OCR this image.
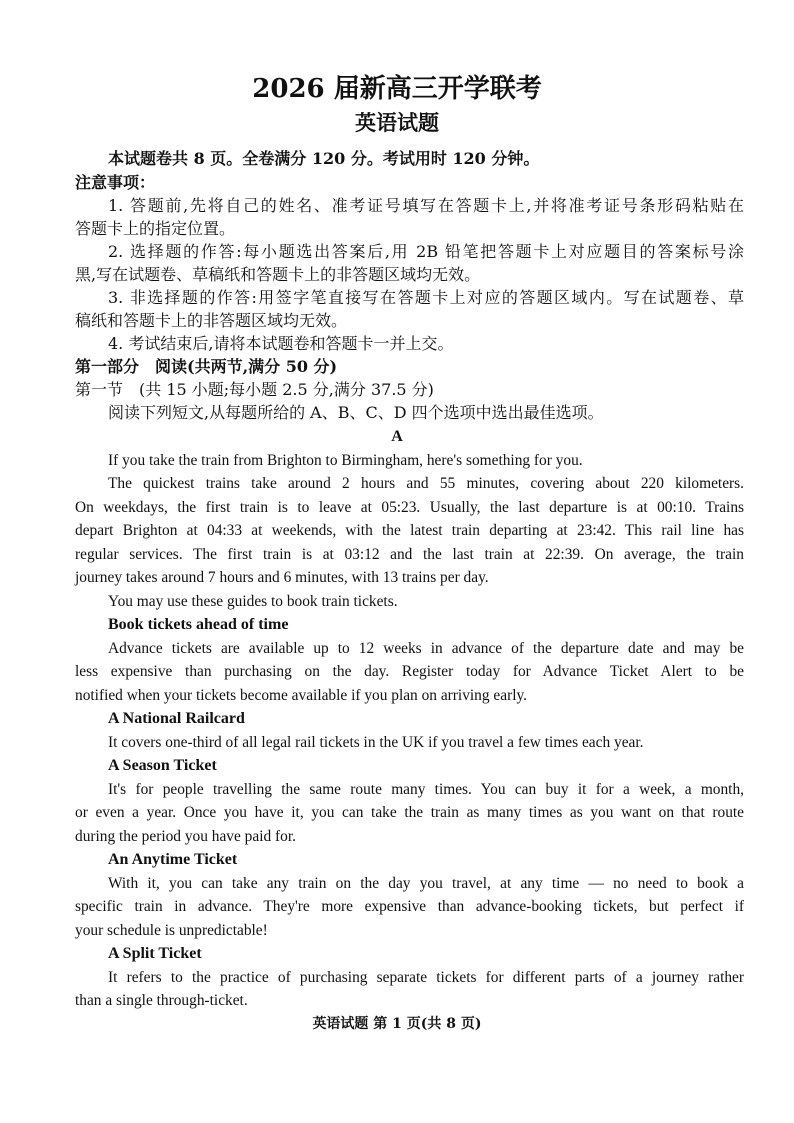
2026 届新高三开学联考
英语试题
本试题卷共 8 页。全卷满分 120 分。考试用时 120 分钟。
注意事项：
1. 答题前,先将自己的姓名、准考证号填写在答题卡上,并将准考证号条形码粘贴在
答题卡上的指定位置。
2. 选择题的作答:每小题选出答案后,用 2B 铅笔把答题卡上对应题目的答案标号涂
黑,写在试题卷、草稿纸和答题卡上的非答题区域均无效。
3. 非选择题的作答:用签字笔直接写在答题卡上对应的答题区域内。写在试题卷、草
稿纸和答题卡上的非答题区域均无效。
4. 考试结束后,请将本试题卷和答题卡一并上交。
第一部分　阅读(共两节,满分 50 分)
第一节　(共 15 小题;每小题 2.5 分,满分 37.5 分)
阅读下列短文,从每题所给的 A、B、C、D 四个选项中选出最佳选项。
A
If you take the train from Brighton to Birmingham, here's something for you.
The quickest trains take around 2 hours and 55 minutes, covering about 220 kilometers.
On weekdays, the first train is to leave at 05:23. Usually, the last departure is at 00:10. Trains
depart Brighton at 04:33 at weekends, with the latest train departing at 23:42. This rail line has
regular services. The first train is at 03:12 and the last train at 22:39. On average, the train
journey takes around 7 hours and 6 minutes, with 13 trains per day.
You may use these guides to book train tickets.
Book tickets ahead of time
Advance tickets are available up to 12 weeks in advance of the departure date and may be
less expensive than purchasing on the day. Register today for Advance Ticket Alert to be
notified when your tickets become available if you plan on arriving early.
A National Railcard
It covers one-third of all legal rail tickets in the UK if you travel a few times each year.
A Season Ticket
It's for people travelling the same route many times. You can buy it for a week, a month,
or even a year. Once you have it, you can take the train as many times as you want on that route
during the period you have paid for.
An Anytime Ticket
With it, you can take any train on the day you travel, at any time — no need to book a
specific train in advance. They're more expensive than advance-booking tickets, but perfect if
your schedule is unpredictable!
A Split Ticket
It refers to the practice of purchasing separate tickets for different parts of a journey rather
than a single through-ticket.
英语试题 第 1 页(共 8 页)
